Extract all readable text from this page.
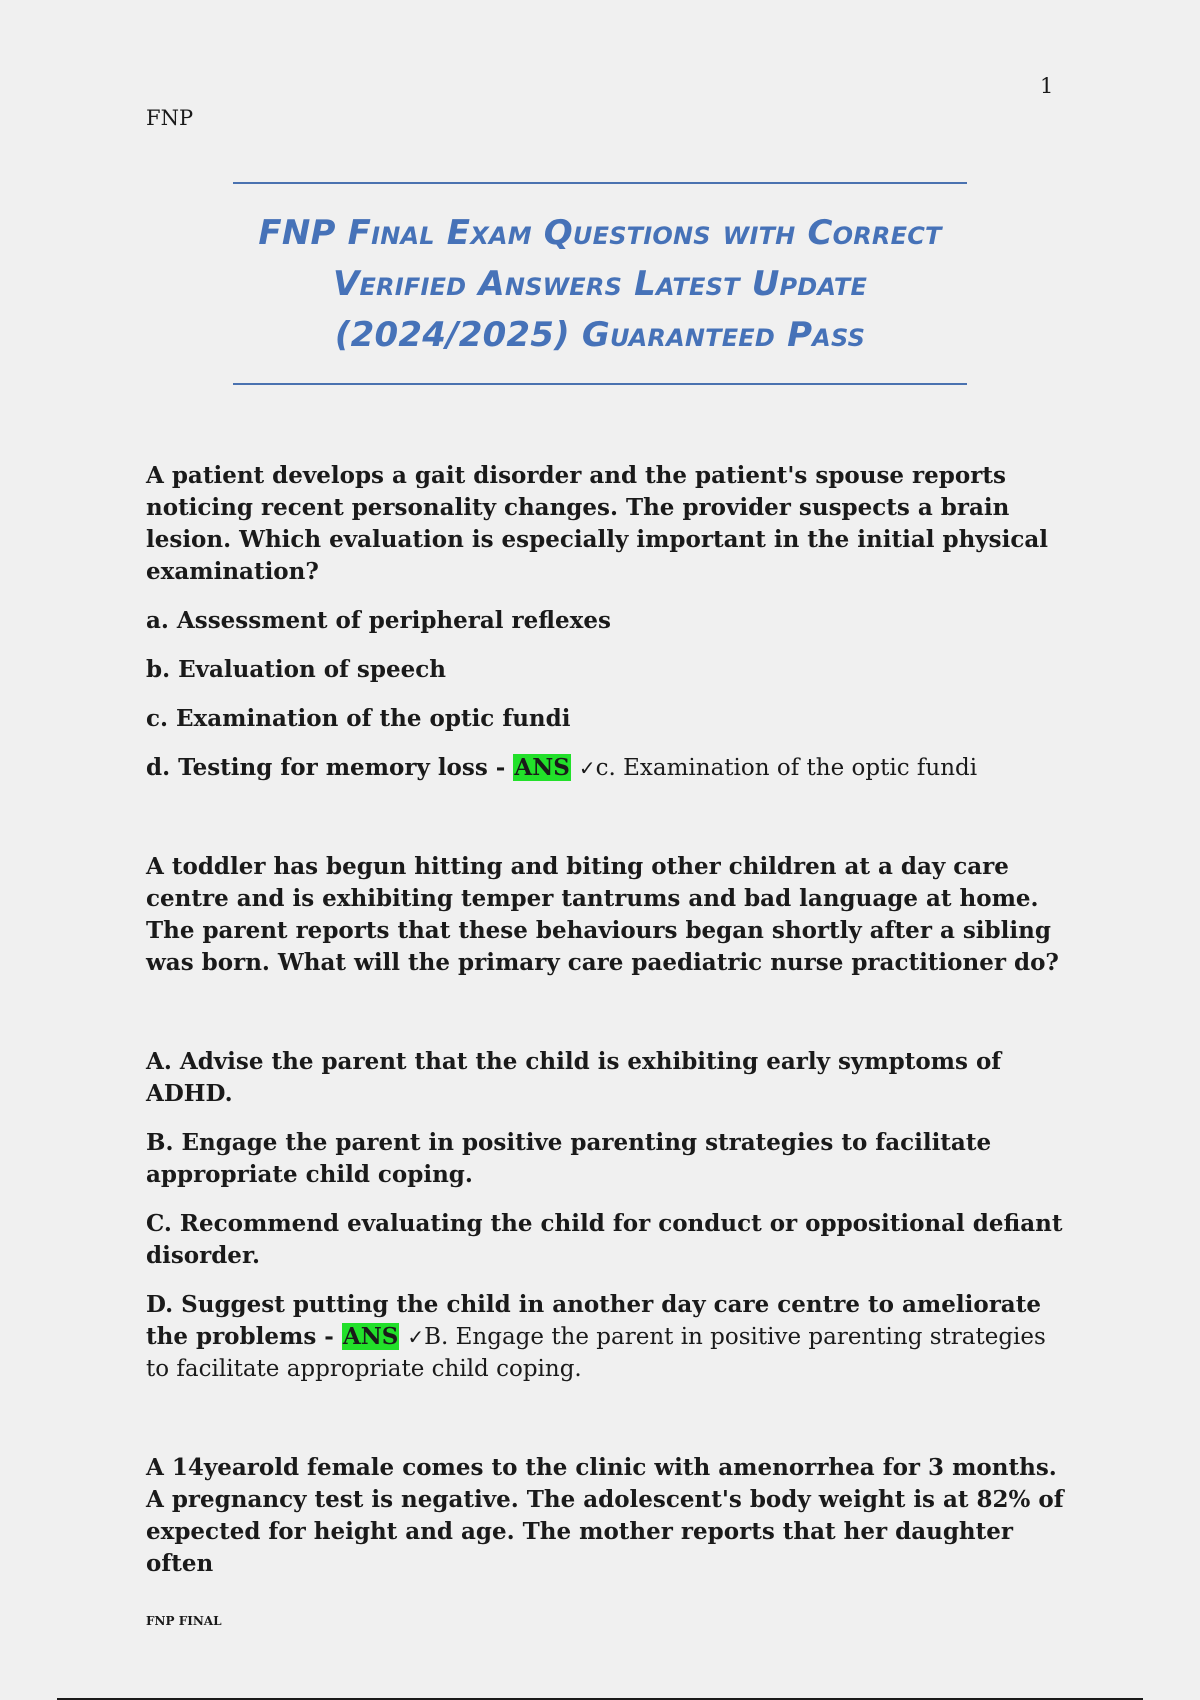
1
FNP
FNP Final Exam Questions with Correct
Verified Answers Latest Update
(2024/2025) Guaranteed Pass
A patient develops a gait disorder and the patient's spouse reports noticing recent personality changes. The provider suspects a brain lesion. Which evaluation is especially important in the initial physical examination?
a. Assessment of peripheral reflexes
b. Evaluation of speech
c. Examination of the optic fundi
d. Testing for memory loss - ANS ✓c. Examination of the optic fundi
A toddler has begun hitting and biting other children at a day care centre and is exhibiting temper tantrums and bad language at home. The parent reports that these behaviours began shortly after a sibling was born. What will the primary care paediatric nurse practitioner do?
A. Advise the parent that the child is exhibiting early symptoms of ADHD.
B. Engage the parent in positive parenting strategies to facilitate appropriate child coping.
C. Recommend evaluating the child for conduct or oppositional defiant disorder.
D. Suggest putting the child in another day care centre to ameliorate the problems - ANS ✓B. Engage the parent in positive parenting strategies to facilitate appropriate child coping.
A 14yearold female comes to the clinic with amenorrhea for 3 months. A pregnancy test is negative. The adolescent's body weight is at 82% of expected for height and age. The mother reports that her daughter often
FNP FINAL
